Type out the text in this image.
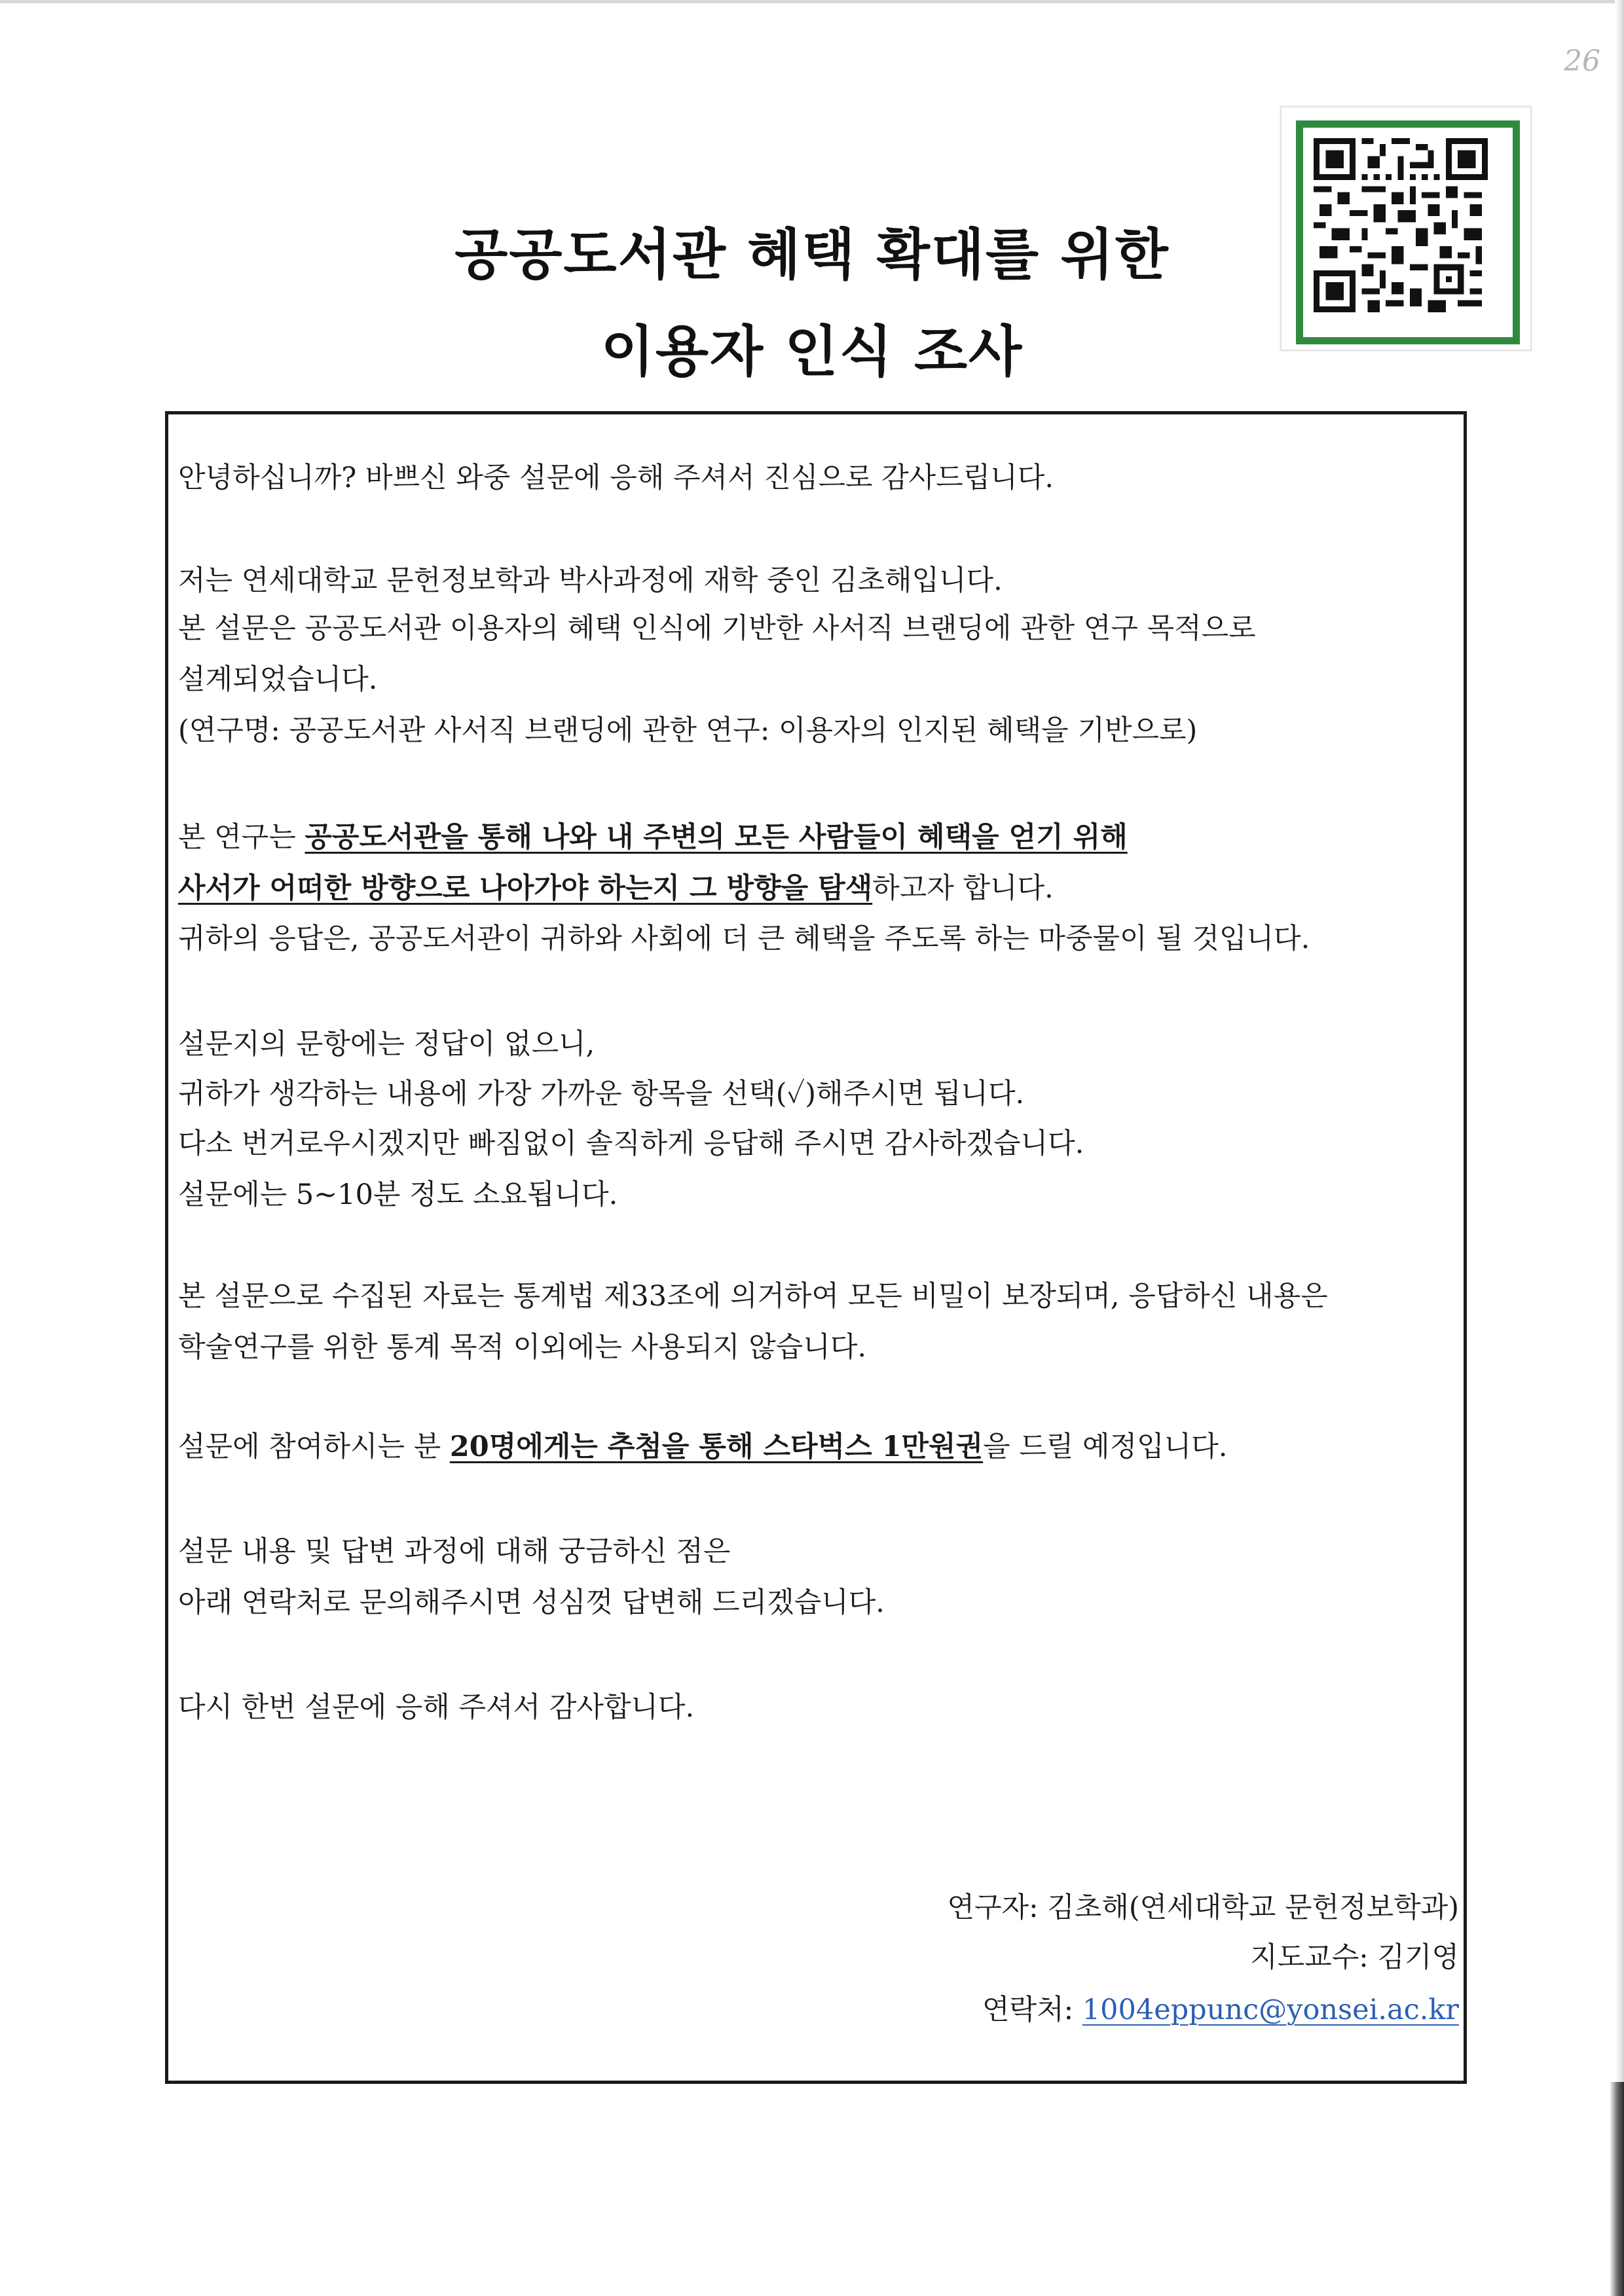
26
공공도서관 혜택 확대를 위한
이용자 인식 조사
안녕하십니까? 바쁘신 와중 설문에 응해 주셔서 진심으로 감사드립니다.
저는 연세대학교 문헌정보학과 박사과정에 재학 중인 김초해입니다.
본 설문은 공공도서관 이용자의 혜택 인식에 기반한 사서직 브랜딩에 관한 연구 목적으로
설계되었습니다.
(연구명: 공공도서관 사서직 브랜딩에 관한 연구: 이용자의 인지된 혜택을 기반으로)
본 연구는 공공도서관을 통해 나와 내 주변의 모든 사람들이 혜택을 얻기 위해
사서가 어떠한 방향으로 나아가야 하는지 그 방향을 탐색하고자 합니다.
귀하의 응답은, 공공도서관이 귀하와 사회에 더 큰 혜택을 주도록 하는 마중물이 될 것입니다.
설문지의 문항에는 정답이 없으니,
귀하가 생각하는 내용에 가장 가까운 항목을 선택(✓)해주시면 됩니다.
다소 번거로우시겠지만 빠짐없이 솔직하게 응답해 주시면 감사하겠습니다.
설문에는 5~10분 정도 소요됩니다.
본 설문으로 수집된 자료는 통계법 제33조에 의거하여 모든 비밀이 보장되며, 응답하신 내용은
학술연구를 위한 통계 목적 이외에는 사용되지 않습니다.
설문에 참여하시는 분 20명에게는 추첨을 통해 스타벅스 1만원권을 드릴 예정입니다.
설문 내용 및 답변 과정에 대해 궁금하신 점은
아래 연락처로 문의해주시면 성심껏 답변해 드리겠습니다.
다시 한번 설문에 응해 주셔서 감사합니다.
연구자: 김초해(연세대학교 문헌정보학과)
지도교수: 김기영
연락처: 1004eppunc@yonsei.ac.kr
